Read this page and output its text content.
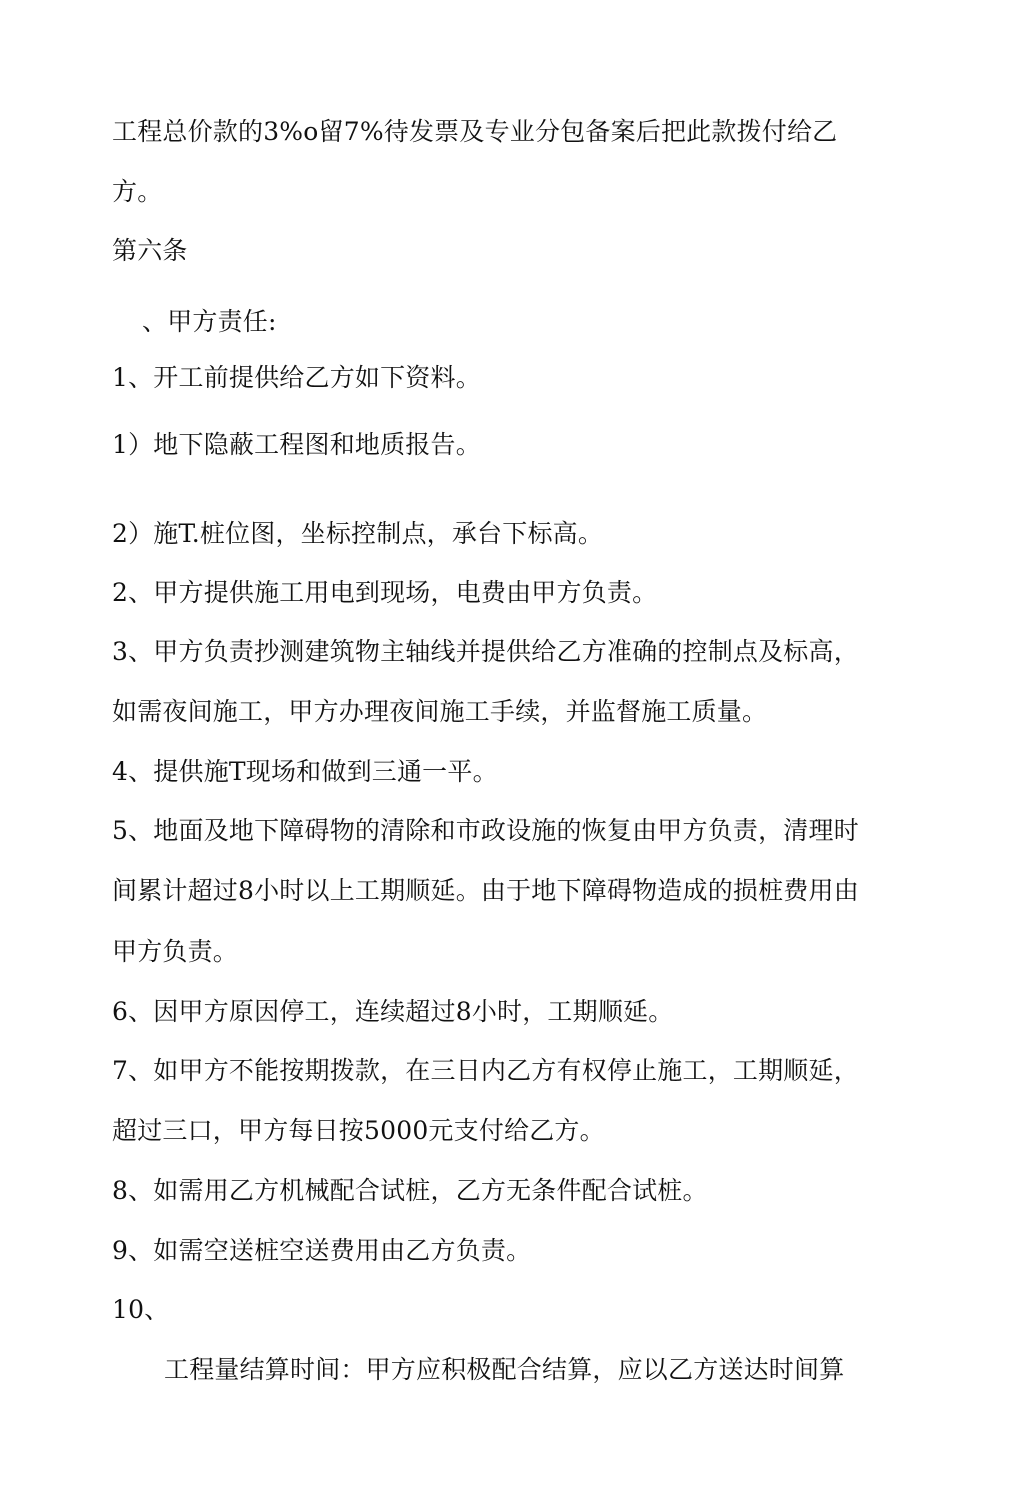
工程总价款的3%o留7%待发票及专业分包备案后把此款拨付给乙
方。
第六条
、甲方责任:
1、开工前提供给乙方如下资料。
1）地下隐蔽工程图和地质报告。
2）施T.桩位图，坐标控制点，承台下标高。
2、甲方提供施工用电到现场，电费由甲方负责。
3、甲方负责抄测建筑物主轴线并提供给乙方准确的控制点及标高，
如需夜间施工，甲方办理夜间施工手续，并监督施工质量。
4、提供施T现场和做到三通一平。
5、地面及地下障碍物的清除和市政设施的恢复由甲方负责，清理时
间累计超过8小时以上工期顺延。由于地下障碍物造成的损桩费用由
甲方负责。
6、因甲方原因停工，连续超过8小时，工期顺延。
7、如甲方不能按期拨款，在三日内乙方有权停止施工，工期顺延，
超过三口，甲方每日按5000元支付给乙方。
8、如需用乙方机械配合试桩，乙方无条件配合试桩。
9、如需空送桩空送费用由乙方负责。
10、
工程量结算时间：甲方应积极配合结算，应以乙方送达时间算
